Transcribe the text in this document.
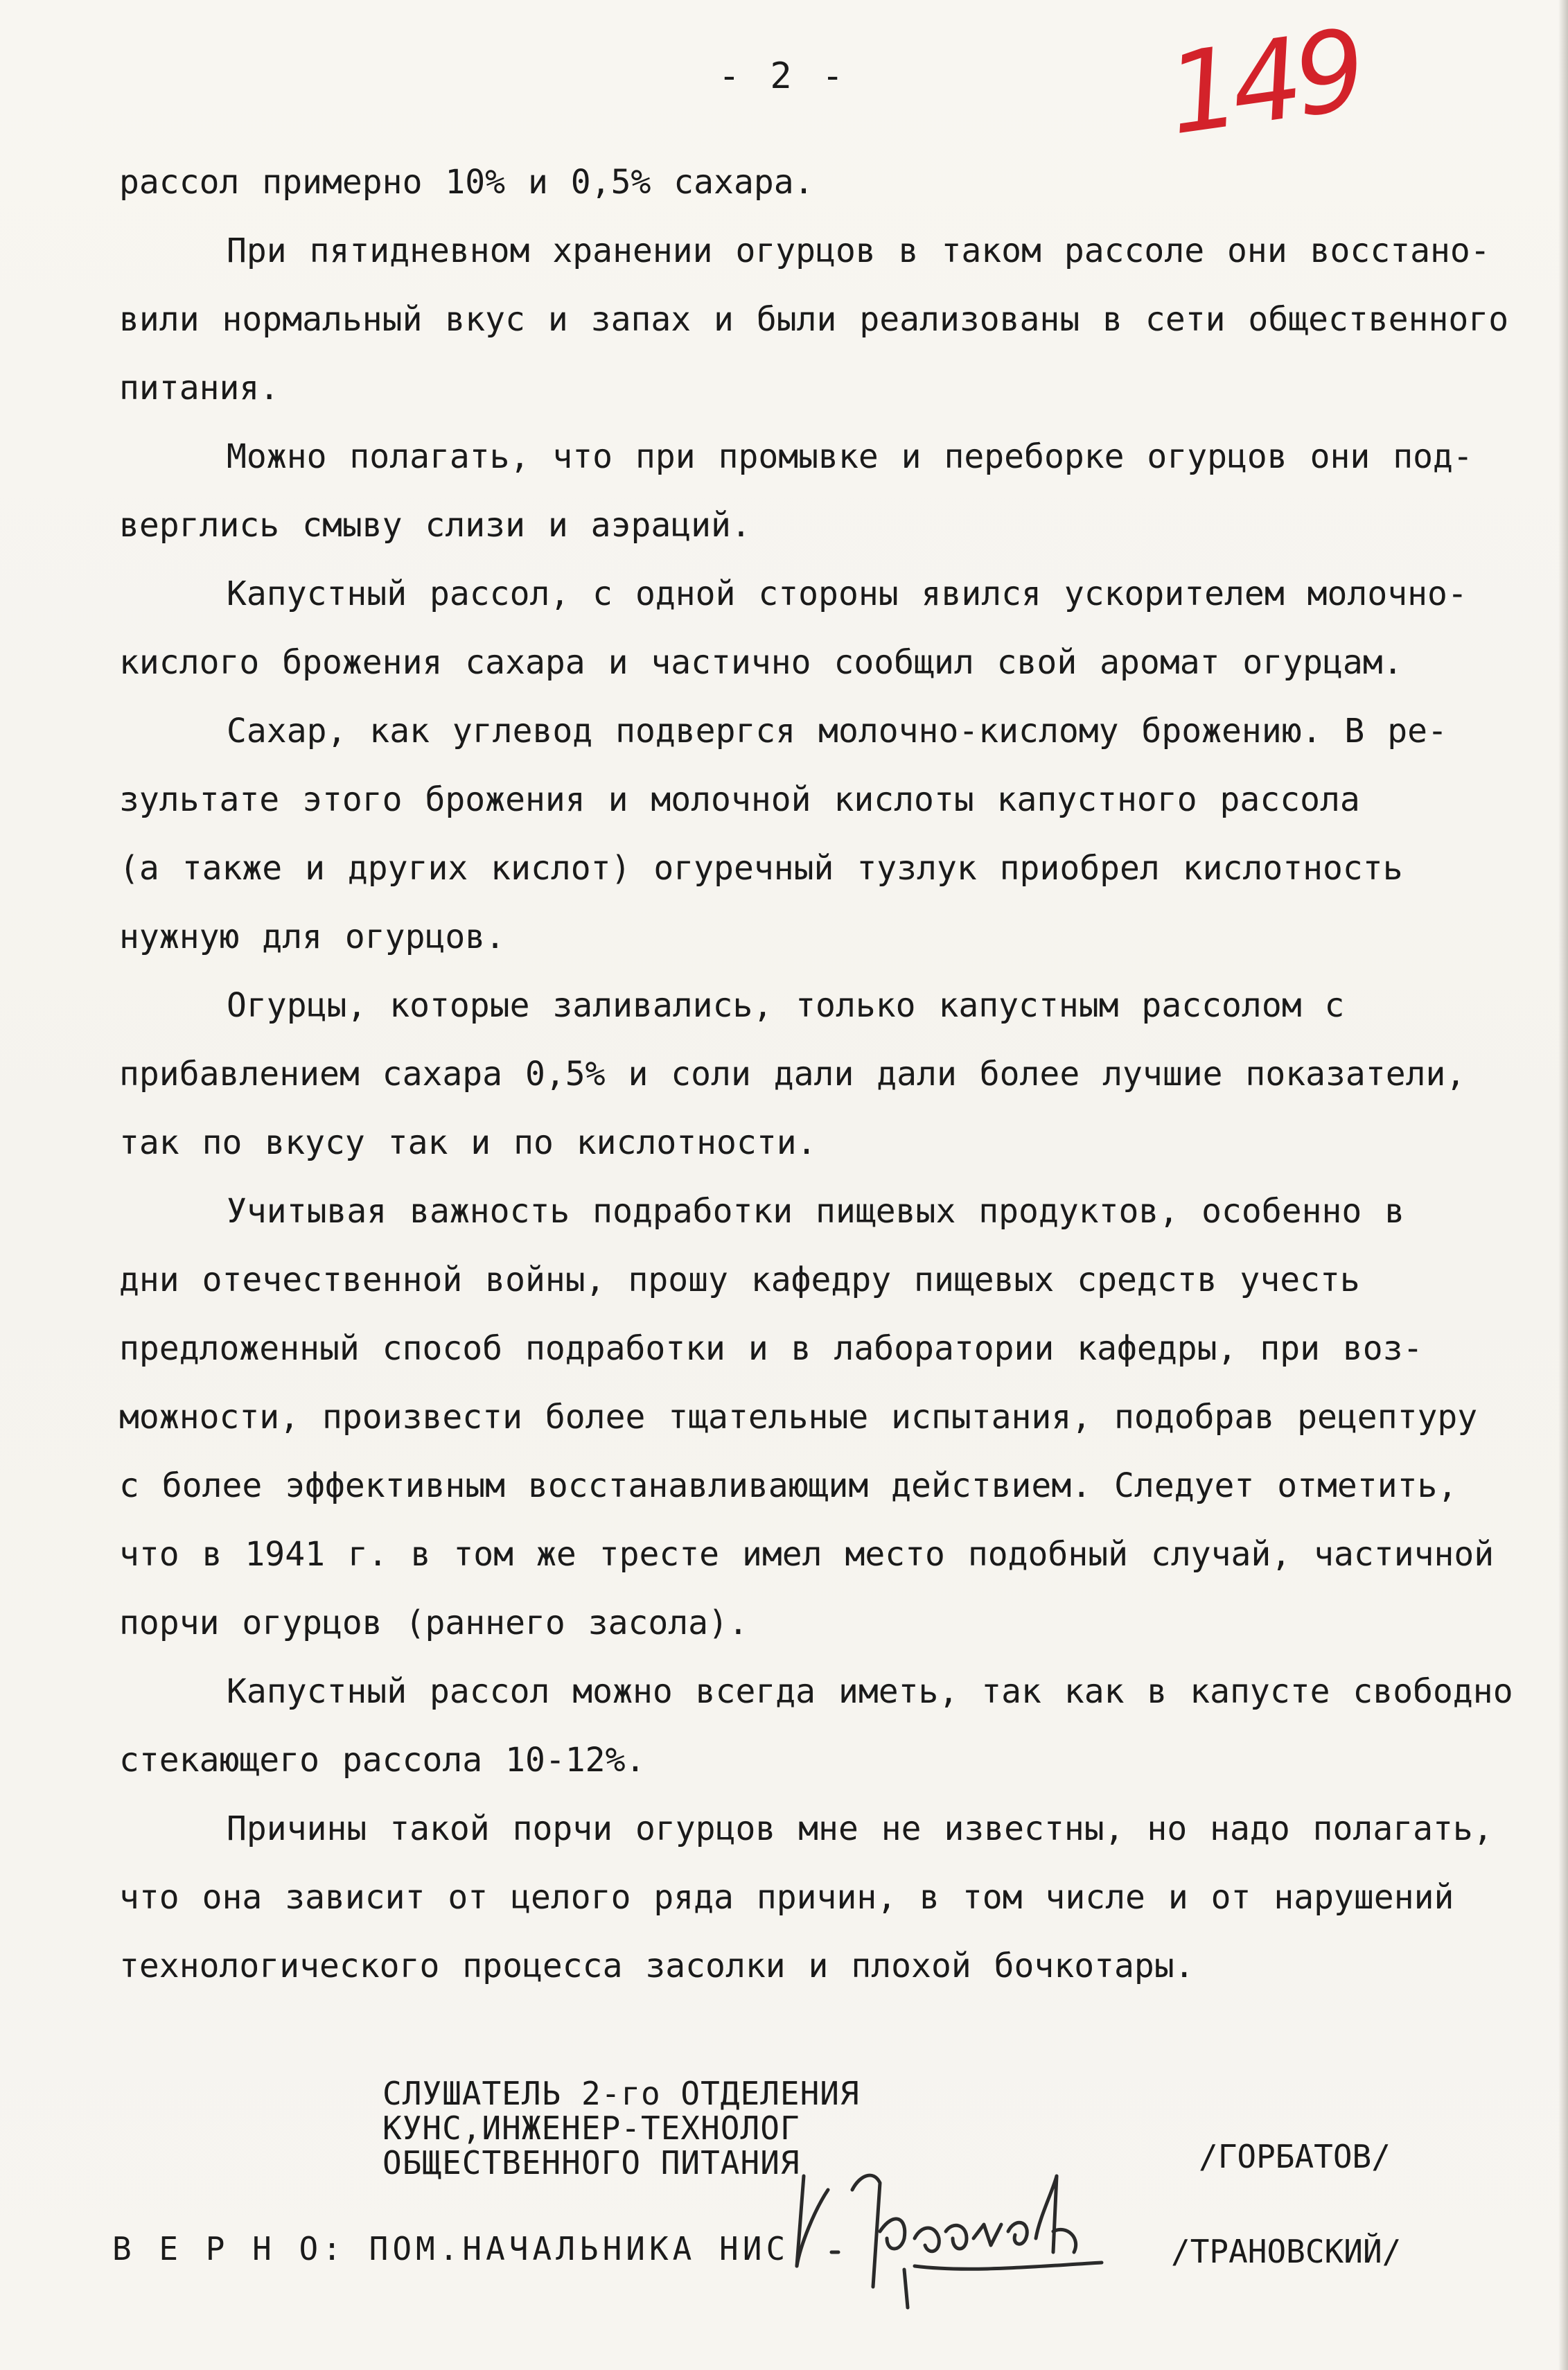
- 2 -	149

рассол примерно 10% и 0,5% сахара.

При пятидневном хранении огурцов в таком рассоле они восстано-

вили нормальный вкус и запах и были реализованы в сети общественного

питания.

Можно полагать, что при промывке и переборке огурцов они под-

верглись смыву слизи и аэраций.

Капустный рассол, с одной стороны явился ускорителем молочно-

кислого брожения сахара и частично сообщил свой аромат огурцам.

Сахар, как углевод подвергся молочно-кислому брожению. В ре-

зультате этого брожения и молочной кислоты капустного рассола

(а также и других кислот) огуречный тузлук приобрел кислотность

нужную для огурцов.

Огурцы, которые заливались, только капустным рассолом с

прибавлением сахара 0,5% и соли дали дали более лучшие показатели,

так по вкусу так и по кислотности.

Учитывая важность подработки пищевых продуктов, особенно в

дни отечественной войны, прошу кафедру пищевых средств учесть

предложенный способ подработки и в лаборатории кафедры, при воз-

можности, произвести более тщательные испытания, подобрав рецептуру

с более эффективным восстанавливающим действием. Следует отметить,

что в 1941 г. в том же тресте имел место подобный случай, частичной

порчи огурцов (раннего засола).

Капустный рассол можно всегда иметь, так как в капусте свободно

стекающего рассола 10-12%.

Причины такой порчи огурцов мне не известны, но надо полагать,

что она зависит от целого ряда причин, в том числе и от нарушений

технологического процесса засолки и плохой бочкотары.

СЛУШАТЕЛЬ 2-го ОТДЕЛЕНИЯ
КУНС,ИНЖЕНЕР-ТЕХНОЛОГ
ОБЩЕСТВЕННОГО ПИТАНИЯ	/ГОРБАТОВ/
В Е Р Н О: ПОМ.НАЧАЛЬНИКА НИС	/ТРАНОВСКИЙ/
